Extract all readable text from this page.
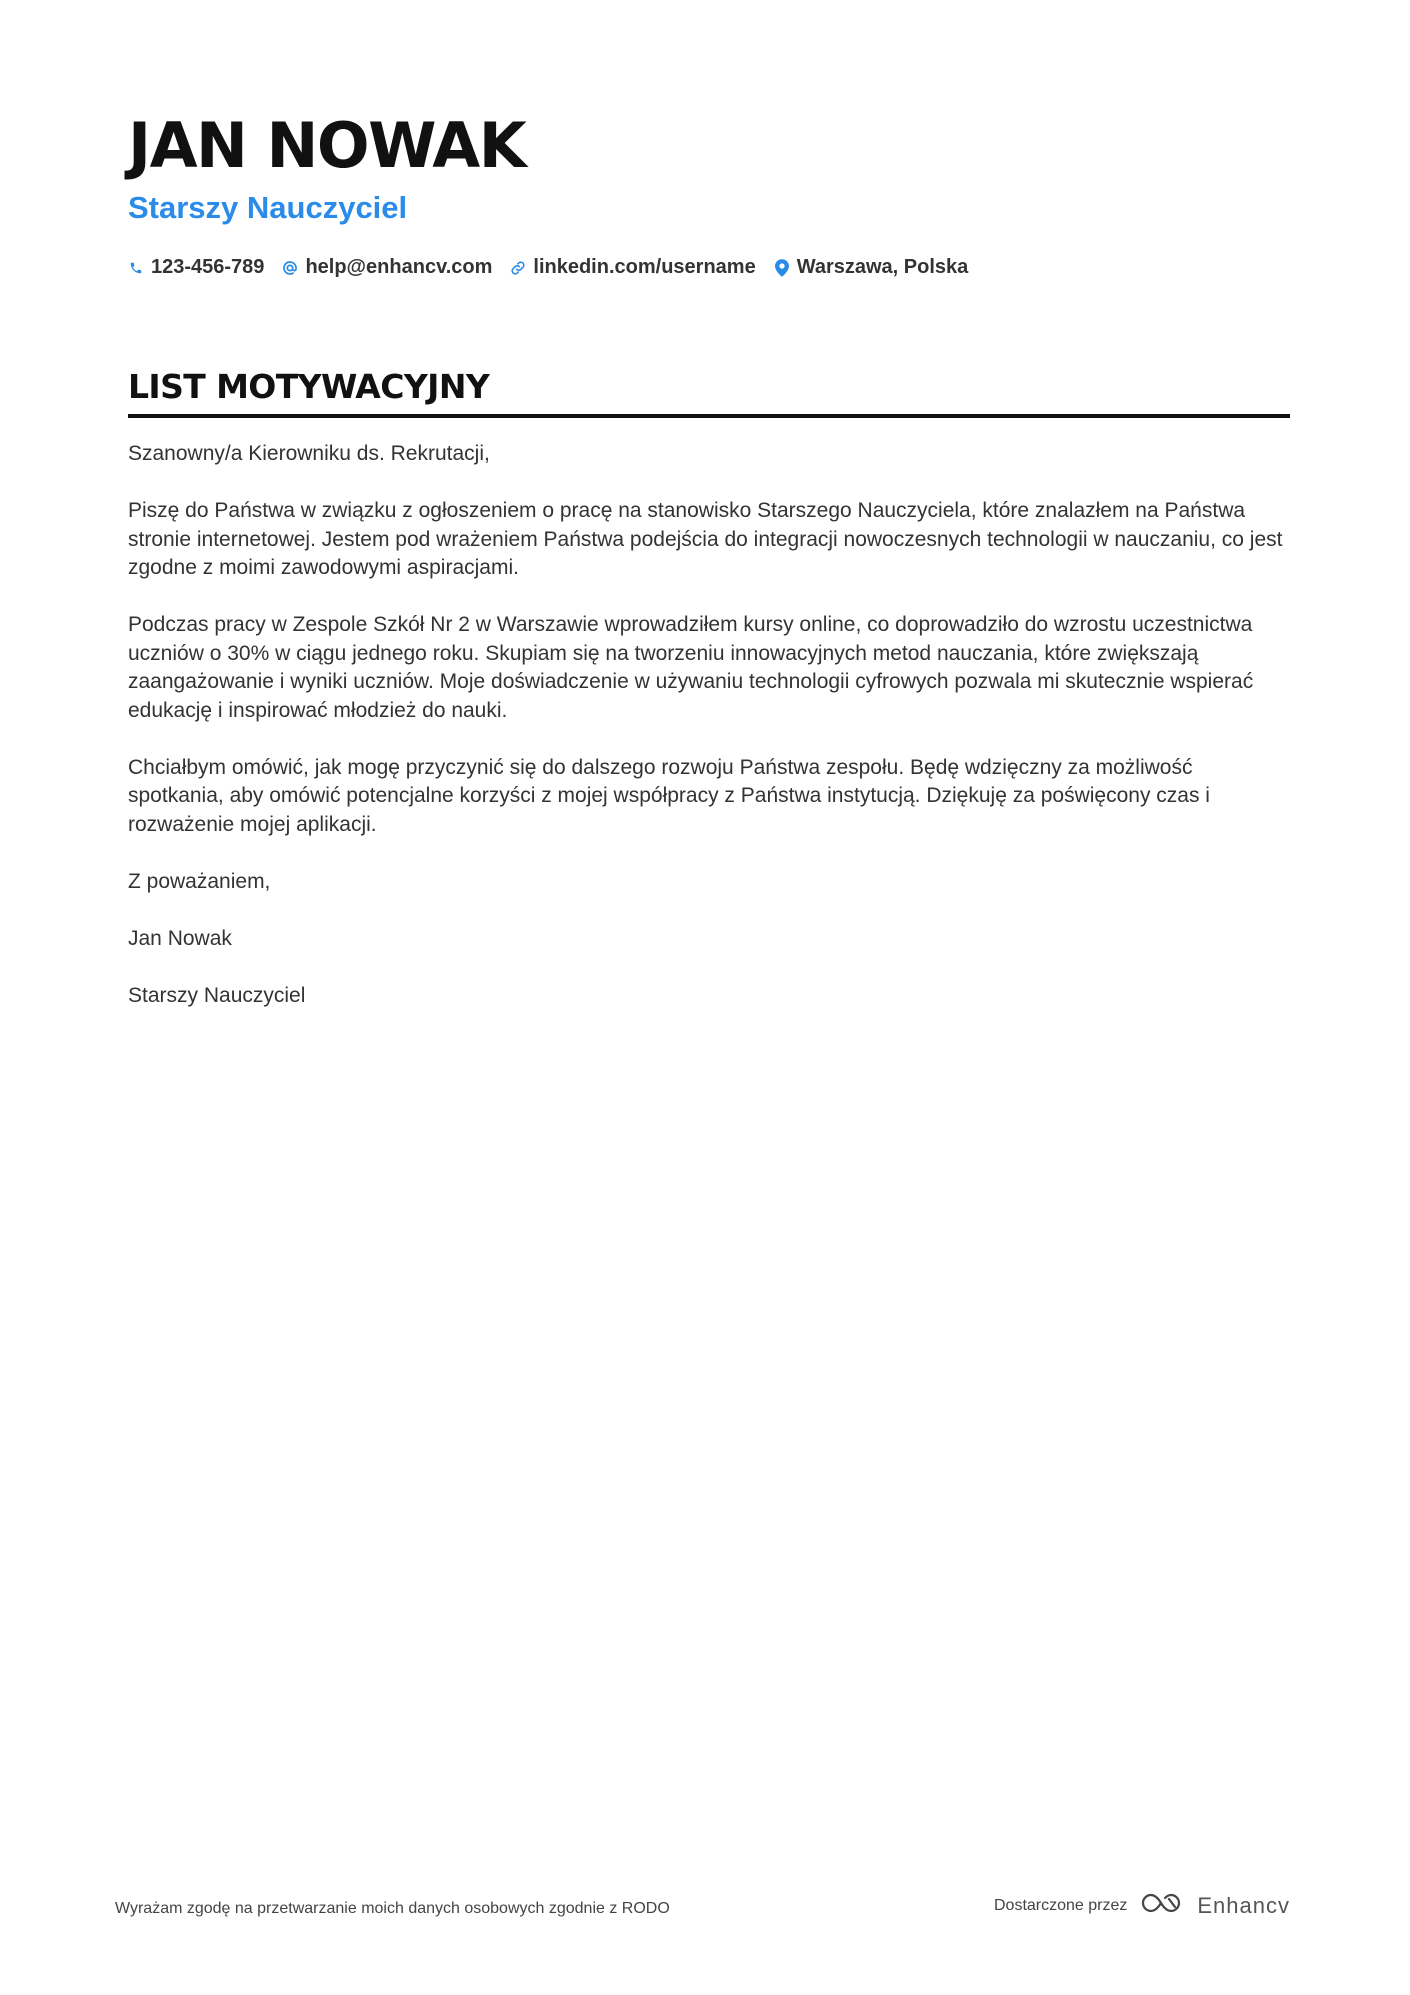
JAN NOWAK
Starszy Nauczyciel
123-456-789 help@enhancv.com linkedin.com/username Warszawa, Polska
LIST MOTYWACYJNY

Szanowny/a Kierowniku ds. Rekrutacji,

Piszę do Państwa w związku z ogłoszeniem o pracę na stanowisko Starszego Nauczyciela, które znalazłem na Państwa stronie internetowej. Jestem pod wrażeniem Państwa podejścia do integracji nowoczesnych technologii w nauczaniu, co jest zgodne z moimi zawodowymi aspiracjami.

Podczas pracy w Zespole Szkół Nr 2 w Warszawie wprowadziłem kursy online, co doprowadziło do wzrostu uczestnictwa uczniów o 30% w ciągu jednego roku. Skupiam się na tworzeniu innowacyjnych metod nauczania, które zwiększają zaangażowanie i wyniki uczniów. Moje doświadczenie w używaniu technologii cyfrowych pozwala mi skutecznie wspierać edukację i inspirować młodzież do nauki.

Chciałbym omówić, jak mogę przyczynić się do dalszego rozwoju Państwa zespołu. Będę wdzięczny za możliwość spotkania, aby omówić potencjalne korzyści z mojej współpracy z Państwa instytucją. Dziękuję za poświęcony czas i rozważenie mojej aplikacji.

Z poważaniem,

Jan Nowak

Starszy Nauczyciel

Wyrażam zgodę na przetwarzanie moich danych osobowych zgodnie z RODO	Dostarczone przez	Enhancv
